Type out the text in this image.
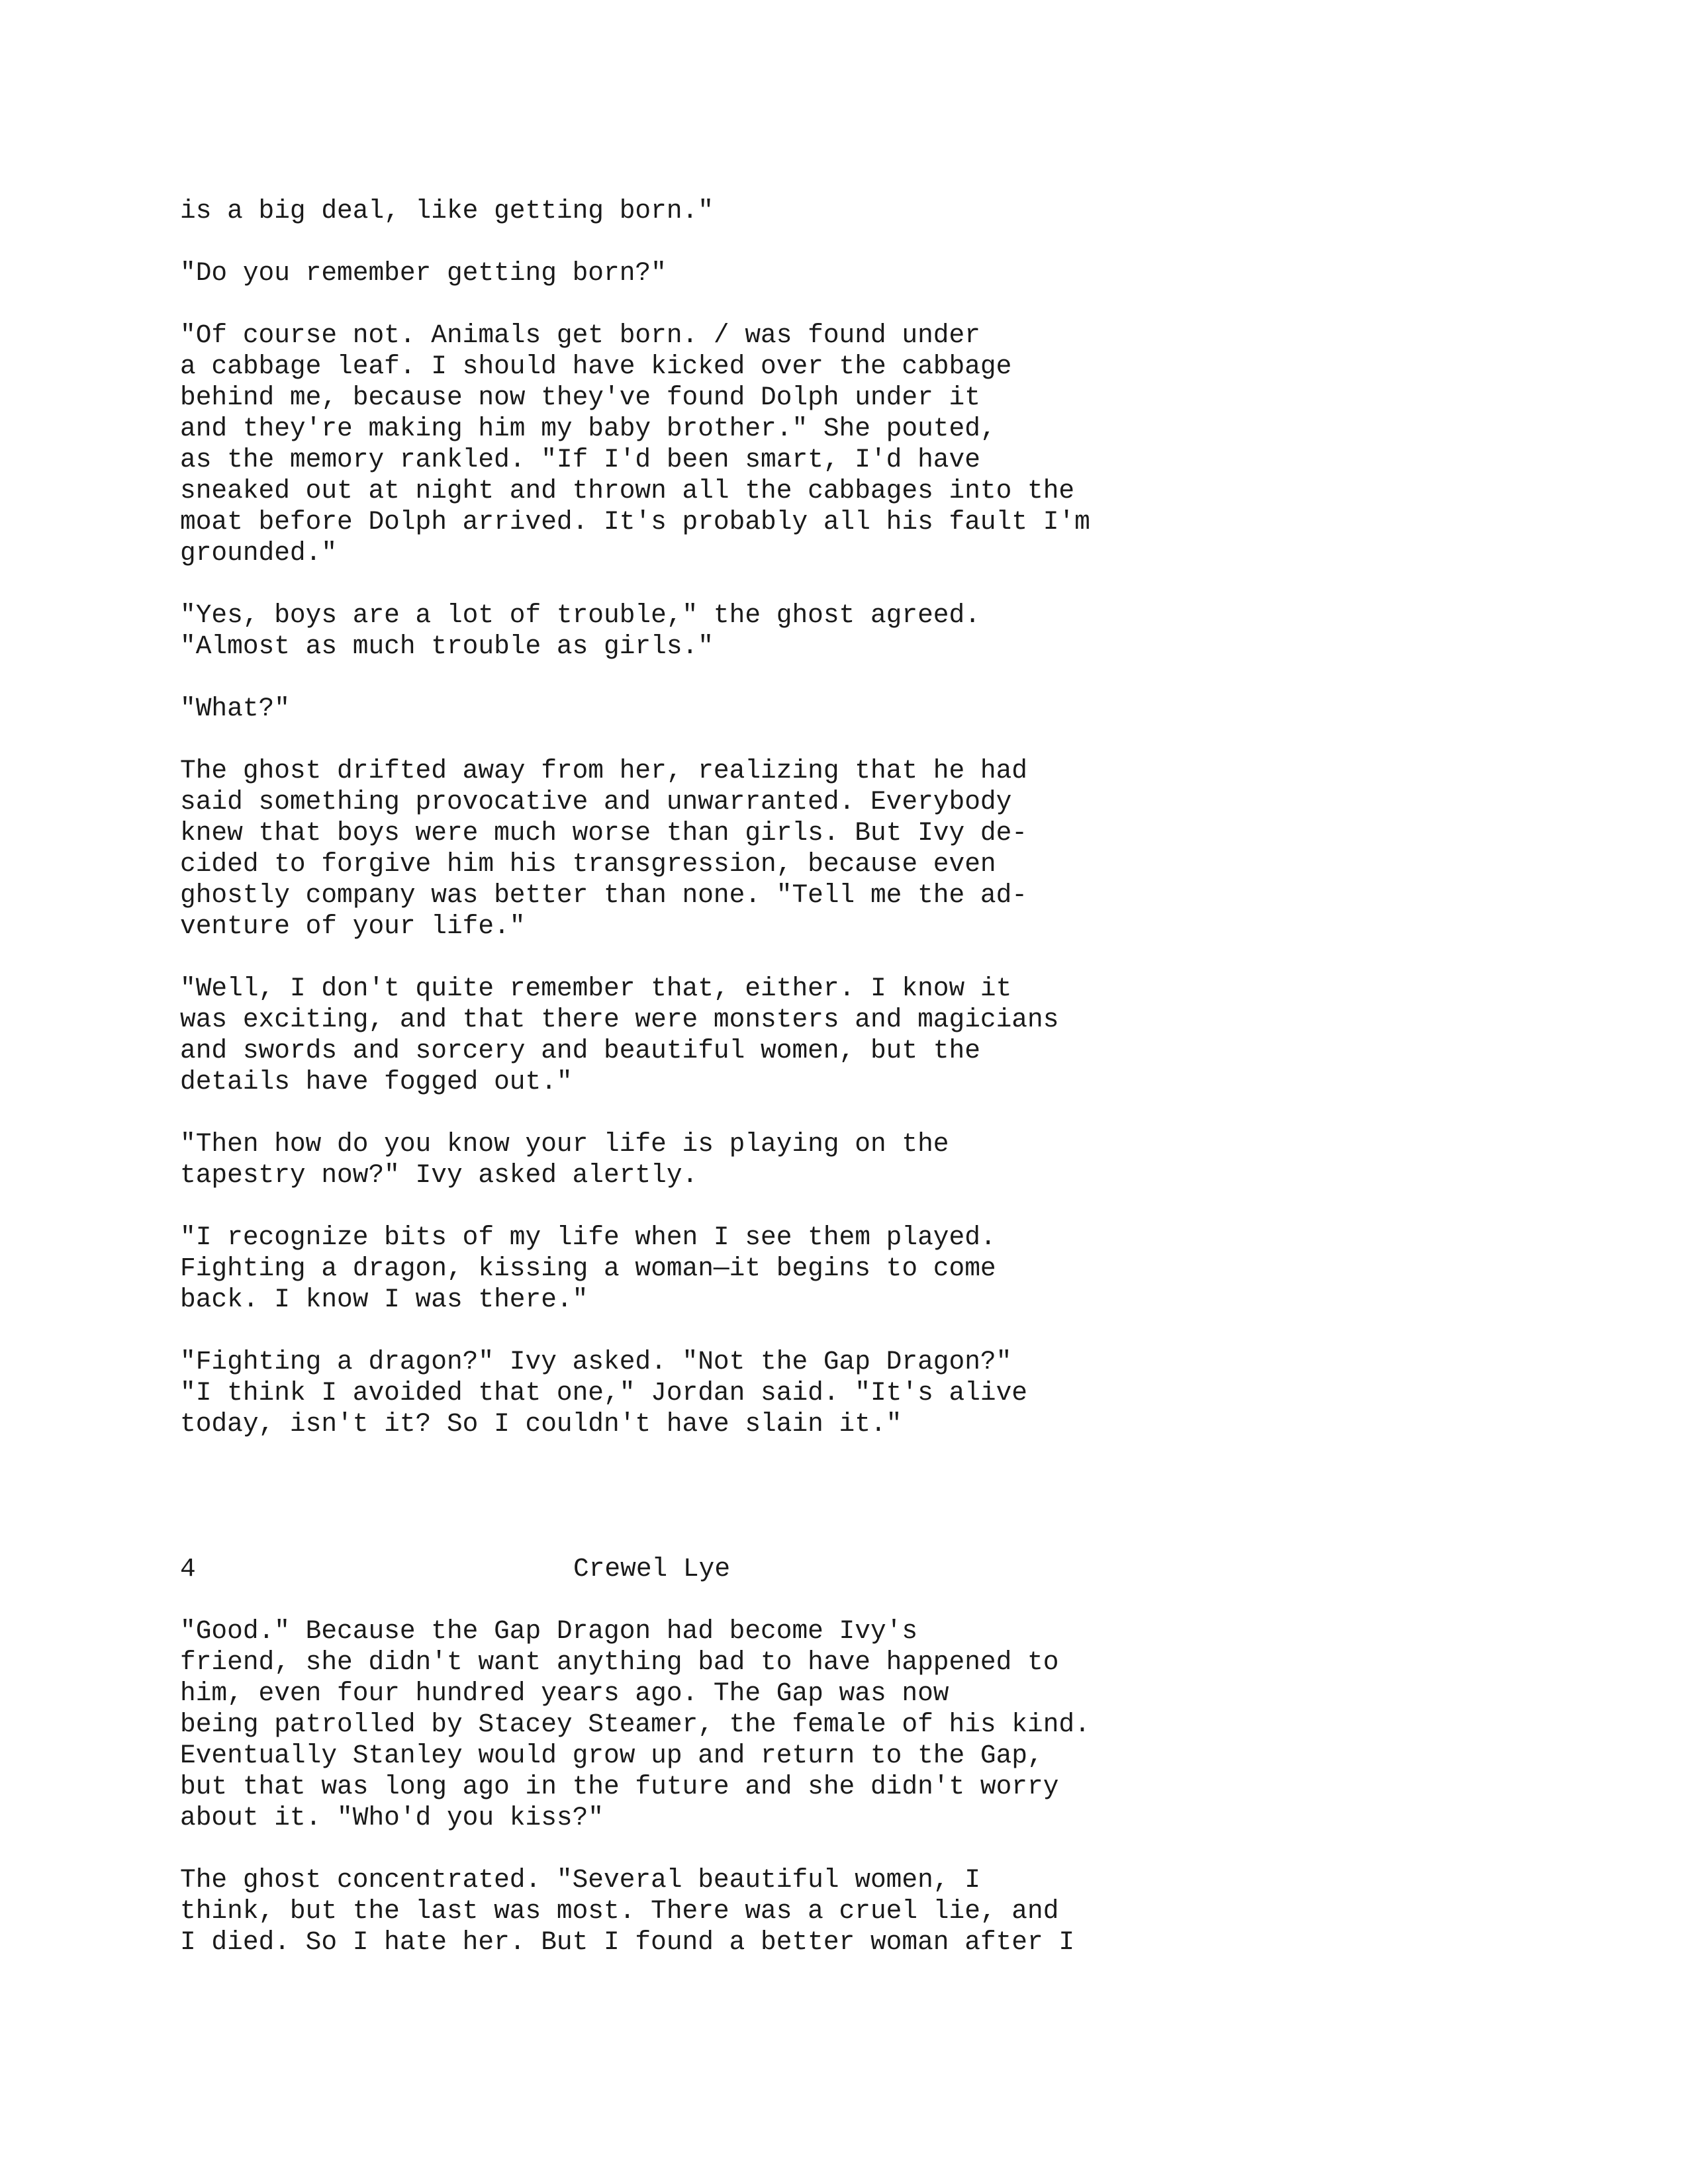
is a big deal, like getting born."
"Do you remember getting born?"
"Of course not. Animals get born. / was found under
a cabbage leaf. I should have kicked over the cabbage
behind me, because now they've found Dolph under it
and they're making him my baby brother." She pouted,
as the memory rankled. "If I'd been smart, I'd have
sneaked out at night and thrown all the cabbages into the
moat before Dolph arrived. It's probably all his fault I'm
grounded."
"Yes, boys are a lot of trouble," the ghost agreed.
"Almost as much trouble as girls."
"What?"
The ghost drifted away from her, realizing that he had
said something provocative and unwarranted. Everybody
knew that boys were much worse than girls. But Ivy de-
cided to forgive him his transgression, because even
ghostly company was better than none. "Tell me the ad-
venture of your life."
"Well, I don't quite remember that, either. I know it
was exciting, and that there were monsters and magicians
and swords and sorcery and beautiful women, but the
details have fogged out."
"Then how do you know your life is playing on the
tapestry now?" Ivy asked alertly.
"I recognize bits of my life when I see them played.
Fighting a dragon, kissing a woman—it begins to come
back. I know I was there."
"Fighting a dragon?" Ivy asked. "Not the Gap Dragon?"
"I think I avoided that one," Jordan said. "It's alive
today, isn't it? So I couldn't have slain it."
4	Crewel Lye
"Good." Because the Gap Dragon had become Ivy's
friend, she didn't want anything bad to have happened to
him, even four hundred years ago. The Gap was now
being patrolled by Stacey Steamer, the female of his kind.
Eventually Stanley would grow up and return to the Gap,
but that was long ago in the future and she didn't worry
about it. "Who'd you kiss?"
The ghost concentrated. "Several beautiful women, I
think, but the last was most. There was a cruel lie, and
I died. So I hate her. But I found a better woman after I
